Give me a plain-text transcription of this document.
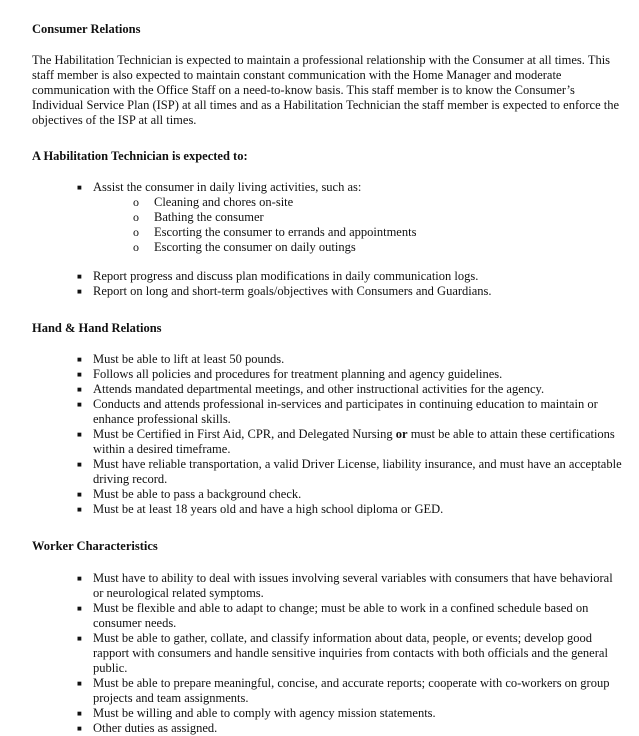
Consumer Relations

The Habilitation Technician is expected to maintain a professional relationship with the Consumer at all times. This staff member is also expected to maintain constant communication with the Home Manager and moderate communication with the Office Staff on a need-to-know basis. This staff member is to know the Consumer’s Individual Service Plan (ISP) at all times and as a Habilitation Technician the staff member is expected to enforce the objectives of the ISP at all times.

A Habilitation Technician is expected to:
■ Assist the consumer in daily living activities, such as:
o Cleaning and chores on-site
o Bathing the consumer
o Escorting the consumer to errands and appointments
o Escorting the consumer on daily outings
■ Report progress and discuss plan modifications in daily communication logs.
■ Report on long and short-term goals/objectives with Consumers and Guardians.
Hand & Hand Relations
■ Must be able to lift at least 50 pounds.
■ Follows all policies and procedures for treatment planning and agency guidelines.
■ Attends mandated departmental meetings, and other instructional activities for the agency.
■ Conducts and attends professional in-services and participates in continuing education to maintain or enhance professional skills.
■ Must be Certified in First Aid, CPR, and Delegated Nursing or must be able to attain these certifications within a desired timeframe.
■ Must have reliable transportation, a valid Driver License, liability insurance, and must have an acceptable driving record.
■ Must be able to pass a background check.
■ Must be at least 18 years old and have a high school diploma or GED.
Worker Characteristics
■ Must have to ability to deal with issues involving several variables with consumers that have behavioral or neurological related symptoms.
■ Must be flexible and able to adapt to change; must be able to work in a confined schedule based on consumer needs.
■ Must be able to gather, collate, and classify information about data, people, or events; develop good rapport with consumers and handle sensitive inquiries from contacts with both officials and the general public.
■ Must be able to prepare meaningful, concise, and accurate reports; cooperate with co-workers on group projects and team assignments.
■ Must be willing and able to comply with agency mission statements.
■ Other duties as assigned.
